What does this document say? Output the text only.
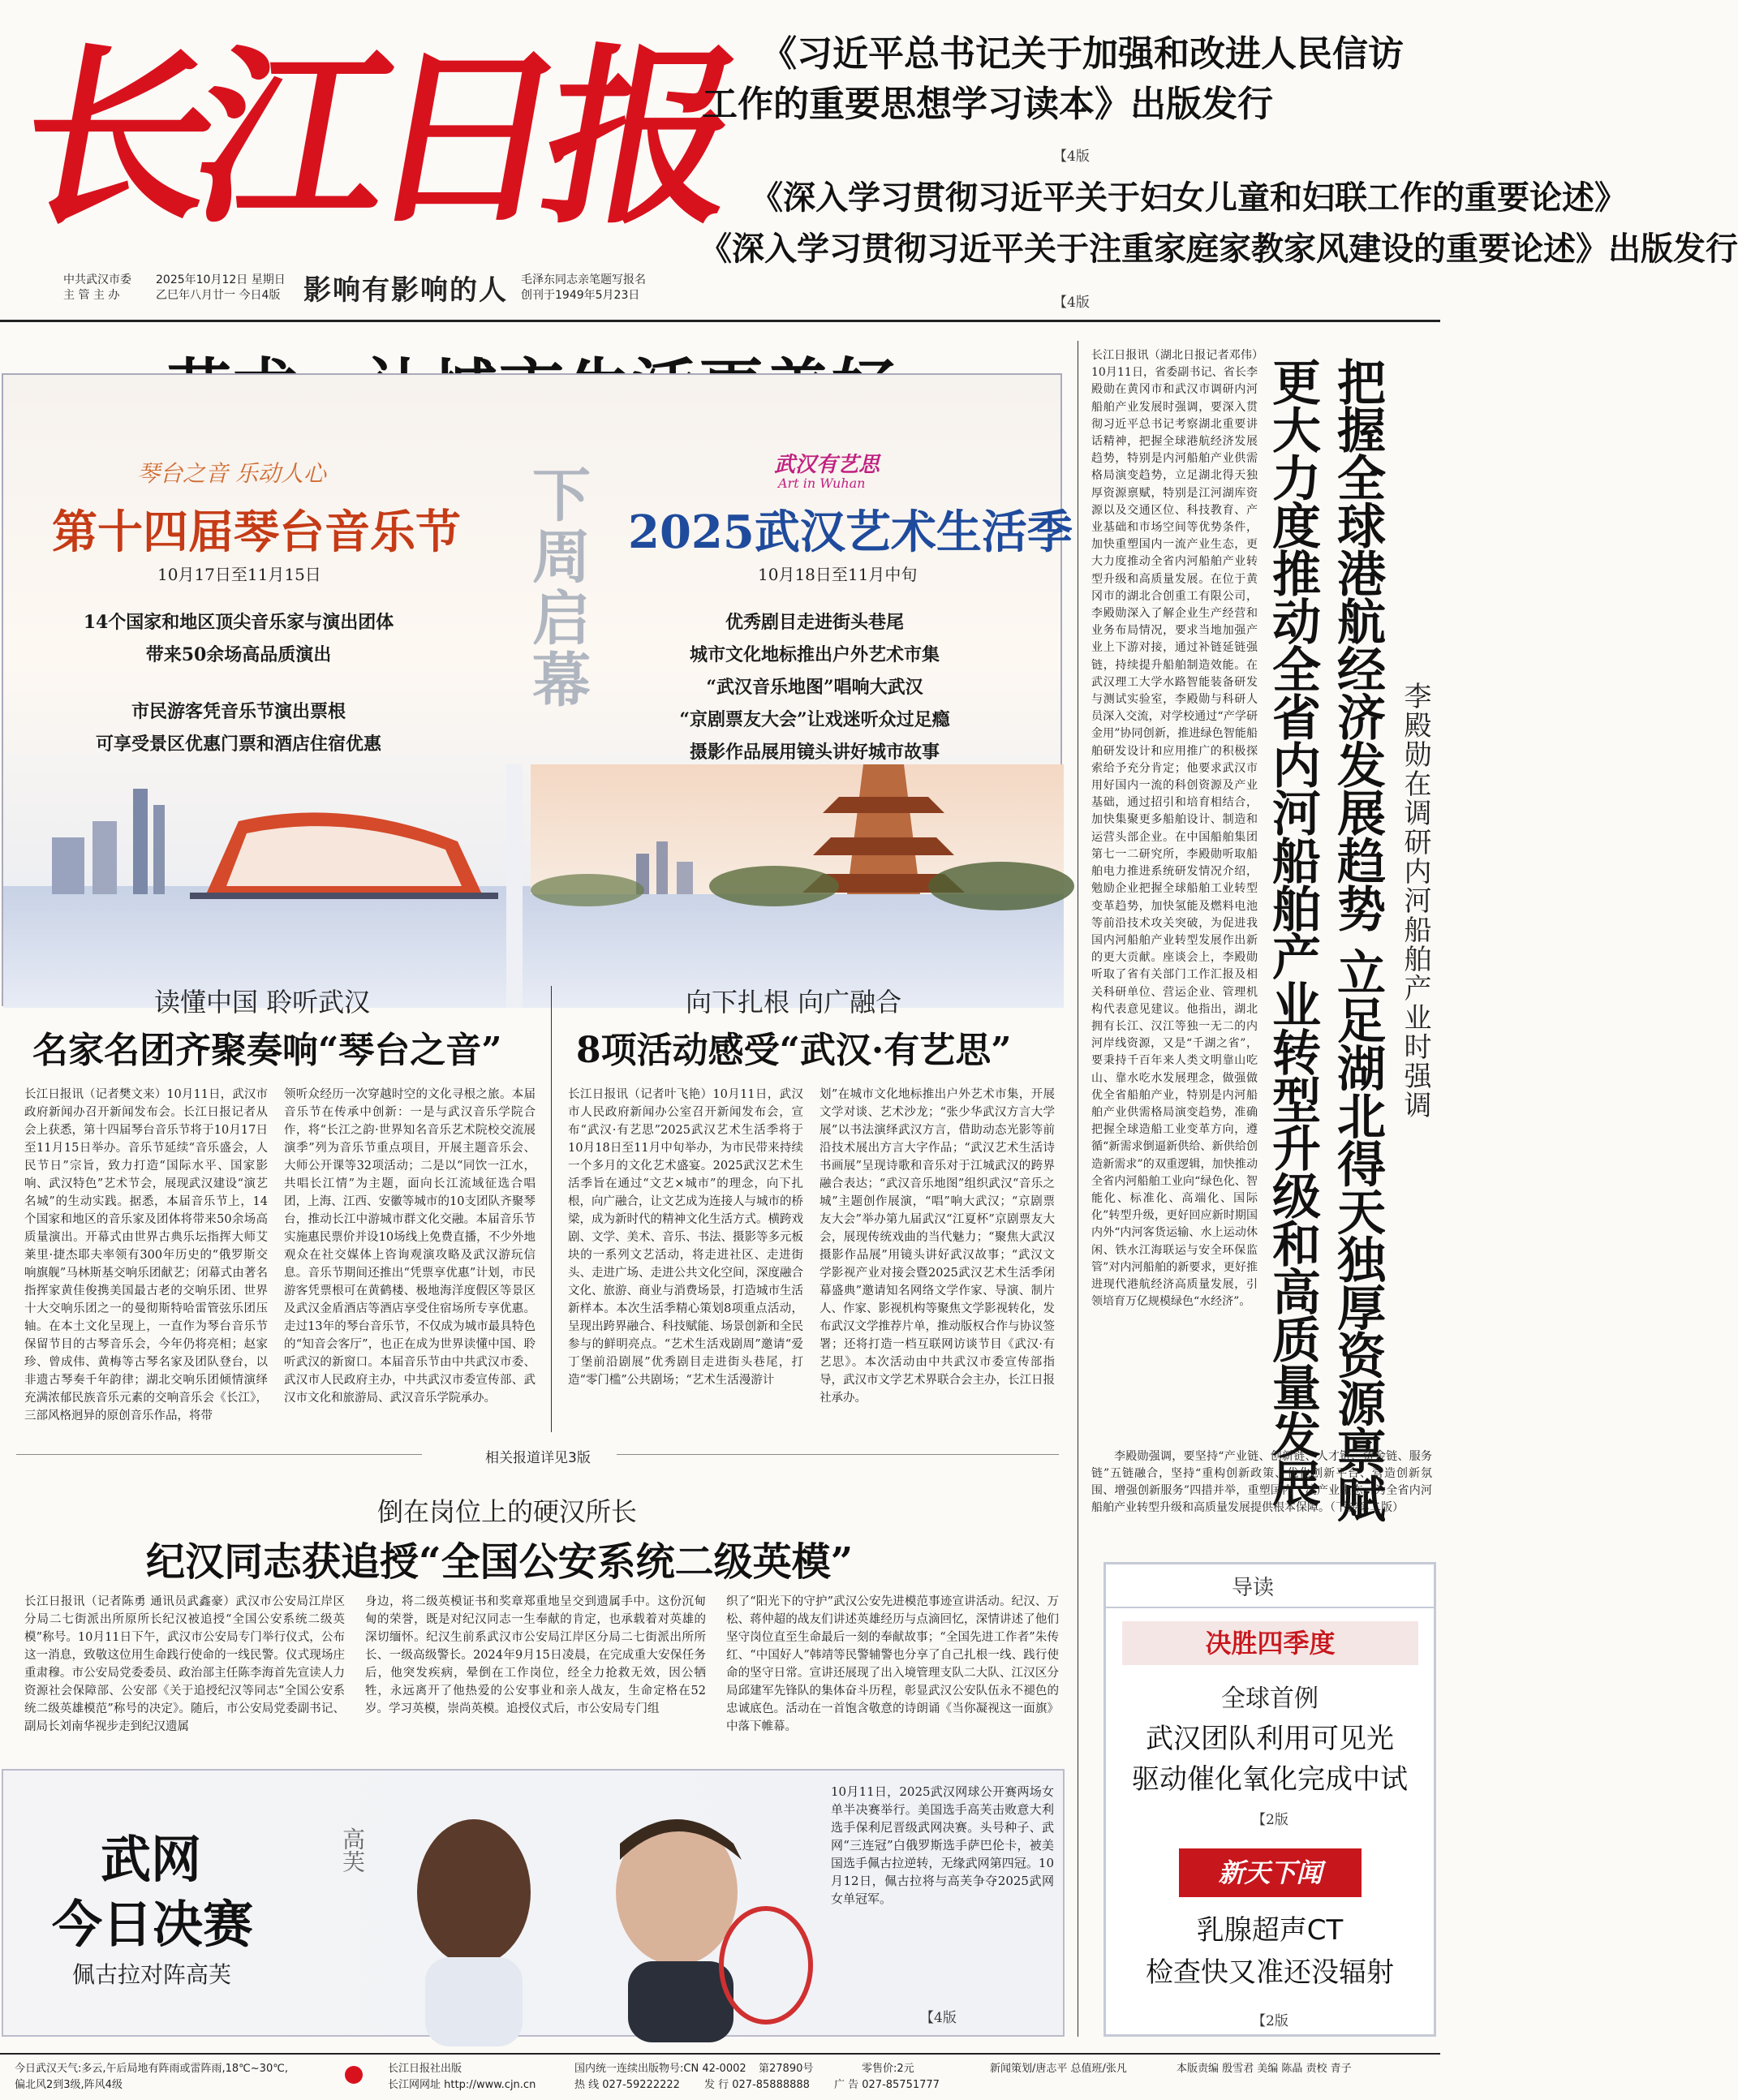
长江日报
中共武汉市委
主 管 主 办
2025年10月12日 星期日
乙巳年八月廿一 今日4版 影响有影响的人 毛泽东同志亲笔题写报名
创刊于1949年5月23日
《习近平总书记关于加强和改进人民信访
工作的重要思想学习读本》出版发行
【4版
《深入学习贯彻习近平关于妇女儿童和妇联工作的重要论述》
《深入学习贯彻习近平关于注重家庭家教家风建设的重要论述》出版发行
【4版
琴台之音 乐动人心
第十四届琴台音乐节
10月17日至11月15日
14个国家和地区顶尖音乐家与演出团体
带来50余场高品质演出
市民游客凭音乐节演出票根
可享受景区优惠门票和酒店住宿优惠
下周启幕	武汉有艺思
Art in Wuhan
2025武汉艺术生活季
10月18日至11月中旬
优秀剧目走进街头巷尾
城市文化地标推出户外艺术市集
“武汉音乐地图”唱响大武汉
“京剧票友大会”让戏迷听众过足瘾
摄影作品展用镜头讲好城市故事
读懂中国 聆听武汉
名家名团齐聚奏响“琴台之音”
向下扎根 向广融合
8项活动感受“武汉·有艺思”
长江日报讯（记者樊文来）10月11日，武汉市政府新闻办召开新闻发布会。长江日报记者从会上获悉，第十四届琴台音乐节将于10月17日至11月15日举办。音乐节延续“音乐盛会，人民节日”宗旨，致力打造“国际水平、国家影响、武汉特色”艺术节会，展现武汉建设“演艺名城”的生动实践。据悉，本届音乐节上，14个国家和地区的音乐家及团体将带来50余场高质量演出。开幕式由世界古典乐坛指挥大师艾莱里·捷杰耶夫率领有300年历史的“俄罗斯交响旗舰”马林斯基交响乐团献艺；闭幕式由著名指挥家黄佳俊携美国最古老的交响乐团、世界十大交响乐团之一的曼彻斯特哈雷管弦乐团压轴。在本土文化呈现上，一直作为琴台音乐节保留节目的古琴音乐会，今年仍将亮相；赵家珍、曾成伟、黄梅等古琴名家及团队登台，以非遗古琴奏千年韵律；湖北交响乐团倾情演绎充满浓郁民族音乐元素的交响音乐会《长江》，三部风格迥异的原创音乐作品，将带
领听众经历一次穿越时空的文化寻根之旅。本届音乐节在传承中创新：一是与武汉音乐学院合作，将“长江之韵·世界知名音乐艺术院校交流展演季”列为音乐节重点项目，开展主题音乐会、大师公开课等32项活动；二是以“同饮一江水，共唱长江情”为主题，面向长江流域征选合唱团，上海、江西、安徽等城市的10支团队齐聚琴台，推动长江中游城市群文化交融。本届音乐节实施惠民票价并设10场线上免费直播，不少外地观众在社交媒体上咨询观演攻略及武汉游玩信息。音乐节期间还推出“凭票享优惠”计划，市民游客凭票根可在黄鹤楼、极地海洋度假区等景区及武汉金盾酒店等酒店享受住宿场所专享优惠。走过13年的琴台音乐节，不仅成为城市最具特色的“知音会客厅”，也正在成为世界读懂中国、聆听武汉的新窗口。本届音乐节由中共武汉市委、武汉市人民政府主办，中共武汉市委宣传部、武汉市文化和旅游局、武汉音乐学院承办。
长江日报讯（记者叶飞艳）10月11日，武汉市人民政府新闻办公室召开新闻发布会，宣布“武汉·有艺思”2025武汉艺术生活季将于10月18日至11月中旬举办，为市民带来持续一个多月的文化艺术盛宴。2025武汉艺术生活季旨在通过“文艺×城市”的理念，向下扎根，向广融合，让文艺成为连接人与城市的桥梁，成为新时代的精神文化生活方式。横跨戏剧、文学、美术、音乐、书法、摄影等多元板块的一系列文艺活动，将走进社区、走进街头、走进广场、走进公共文化空间，深度融合文化、旅游、商业与消费场景，打造城市生活新样本。本次生活季精心策划8项重点活动，呈现出跨界融合、科技赋能、场景创新和全民参与的鲜明亮点。“艺术生活戏剧周”邀请“爱丁堡前沿剧展”优秀剧目走进街头巷尾，打造“零门槛”公共剧场；“艺术生活漫游计
划”在城市文化地标推出户外艺术市集，开展文学对谈、艺术沙龙；“张少华武汉方言大学展”以书法演绎武汉方言，借助动态光影等前沿技术展出方言大字作品；“武汉艺术生活诗书画展”呈现诗歌和音乐对于江城武汉的跨界融合表达；“武汉音乐地图”组织武汉“音乐之城”主题创作展演，“唱”响大武汉；“京剧票友大会”举办第九届武汉“江夏杯”京剧票友大会，展现传统戏曲的当代魅力；“聚焦大武汉摄影作品展”用镜头讲好武汉故事；“武汉文学影视产业对接会暨2025武汉艺术生活季闭幕盛典”邀请知名网络文学作家、导演、制片人、作家、影视机构等聚焦文学影视转化，发布武汉文学推荐片单，推动版权合作与协议签署；还将打造一档互联网访谈节目《武汉·有艺思》。本次活动由中共武汉市委宣传部指导，武汉市文学艺术界联合会主办，长江日报社承办。
相关报道详见3版
倒在岗位上的硬汉所长
纪汉同志获追授“全国公安系统二级英模”
长江日报讯（记者陈勇 通讯员武鑫豪）武汉市公安局江岸区分局二七街派出所原所长纪汉被追授“全国公安系统二级英模”称号。10月11日下午，武汉市公安局专门举行仪式，公布这一消息，致敬这位用生命践行使命的一线民警。仪式现场庄重肃穆。市公安局党委委员、政治部主任陈李海首先宣读人力资源社会保障部、公安部《关于追授纪汉等同志“全国公安系统二级英雄模范”称号的决定》。随后，市公安局党委副书记、副局长刘南华视步走到纪汉遗属
身边，将二级英模证书和奖章郑重地呈交到遗属手中。这份沉甸甸的荣誉，既是对纪汉同志一生奉献的肯定，也承载着对英雄的深切缅怀。纪汉生前系武汉市公安局江岸区分局二七街派出所所长、一级高级警长。2024年9月15日凌晨，在完成重大安保任务后，他突发疾病，晕倒在工作岗位，经全力抢救无效，因公牺牲，永远离开了他热爱的公安事业和亲人战友，生命定格在52岁。学习英模，崇尚英模。追授仪式后，市公安局专门组
织了“阳光下的守护”武汉公安先进模范事迹宣讲活动。纪汉、万松、蒋仲超的战友们讲述英雄经历与点滴回忆，深情讲述了他们坚守岗位直至生命最后一刻的奉献故事；“全国先进工作者”朱传红、“中国好人”韩靖等民警辅警也分享了自己扎根一线、践行使命的坚守日常。宣讲还展现了出入境管理支队二大队、江汉区分局邱建军先锋队的集体奋斗历程，彰显武汉公安队伍永不褪色的忠诚底色。活动在一首饱含敬意的诗朗诵《当你凝视这一面旗》中落下帷幕。
武网
今日决赛
佩古拉对阵高芙
高芙
10月11日，2025武汉网球公开赛两场女单半决赛举行。美国选手高芙击败意大利选手保利尼晋级武网决赛。头号种子、武网“三连冠”白俄罗斯选手萨巴伦卡，被美国选手佩古拉逆转，无缘武网第四冠。10月12日，佩古拉将与高芙争夺2025武网女单冠军。
【4版
长江日报讯（湖北日报记者邓伟）10月11日，省委副书记、省长李殿勋在黄冈市和武汉市调研内河船舶产业发展时强调，要深入贯彻习近平总书记考察湖北重要讲话精神，把握全球港航经济发展趋势，特别是内河船舶产业供需格局演变趋势，立足湖北得天独厚资源禀赋，特别是江河湖库资源以及交通区位、科技教育、产业基础和市场空间等优势条件，加快重塑国内一流产业生态，更大力度推动全省内河船舶产业转型升级和高质量发展。在位于黄冈市的湖北合创重工有限公司，李殿勋深入了解企业生产经营和业务布局情况，要求当地加强产业上下游对接，通过补链延链强链，持续提升船舶制造效能。在武汉理工大学水路智能装备研发与测试实验室，李殿勋与科研人员深入交流，对学校通过“产学研金用”协同创新，推进绿色智能船舶研发设计和应用推广的积极探索给予充分肯定；他要求武汉市用好国内一流的科创资源及产业基础，通过招引和培育相结合，加快集聚更多船舶设计、制造和运营头部企业。在中国船舶集团第七一二研究所，李殿勋听取船舶电力推进系统研发情况介绍，勉励企业把握全球船舶工业转型变革趋势，加快氢能及燃料电池等前沿技术攻关突破，为促进我国内河船舶产业转型发展作出新的更大贡献。座谈会上，李殿勋听取了省有关部门工作汇报及相关科研单位、营运企业、管理机构代表意见建议。他指出，湖北拥有长江、汉江等独一无二的内河岸线资源，又是“千湖之省”，要秉持千百年来人类文明靠山吃山、靠水吃水发展理念，做强做优全省船舶产业，特别是内河船舶产业供需格局演变趋势，准确把握全球造船工业变革方向，遵循“新需求倒逼新供给、新供给创造新需求”的双重逻辑，加快推动全省内河船舶工业向“绿色化、智能化、标准化、高端化、国际化”转型升级，更好回应新时期国内外“内河客货运输、水上运动休闲、铁水江海联运与安全环保监管”对内河船舶的新要求，更好推进现代港航经济高质量发展，引领培育万亿规模绿色“水经济”。 更大力度推动全省内河船舶产业转型升级和高质量发展 把握全球港航经济发展趋势 立足湖北得天独厚资源禀赋 李殿勋在调研内河船舶产业时强调
李殿勋强调，要坚持“产业链、创新链、人才链、资金链、服务链”五链融合，坚持“重构创新政策、优化创新平台、营造创新氛围、增强创新服务”四措并举，重塑国内一流产业生态，为全省内河船舶产业转型升级和高质量发展提供根本保障。（下转第二版）
导读
决胜四季度
全球首例
武汉团队利用可见光
驱动催化氧化完成中试
【2版
新天下闻
乳腺超声CT
检查快又准还没辐射
【2版
今日武汉天气:多云,午后局地有阵雨或雷阵雨,18℃~30℃,
偏北风2到3级,阵风4级
长江日报社出版
长江网网址 http://www.cjn.cn
国内统一连续出版物号:CN 42-0002
热 线 027-59222222
第27890号
发 行 027-85888888
零售价:2元
广 告 027-85751777
新闻策划/唐志平 总值班/张凡	本版责编 殷雪君 美编 陈晶 责校 青子
